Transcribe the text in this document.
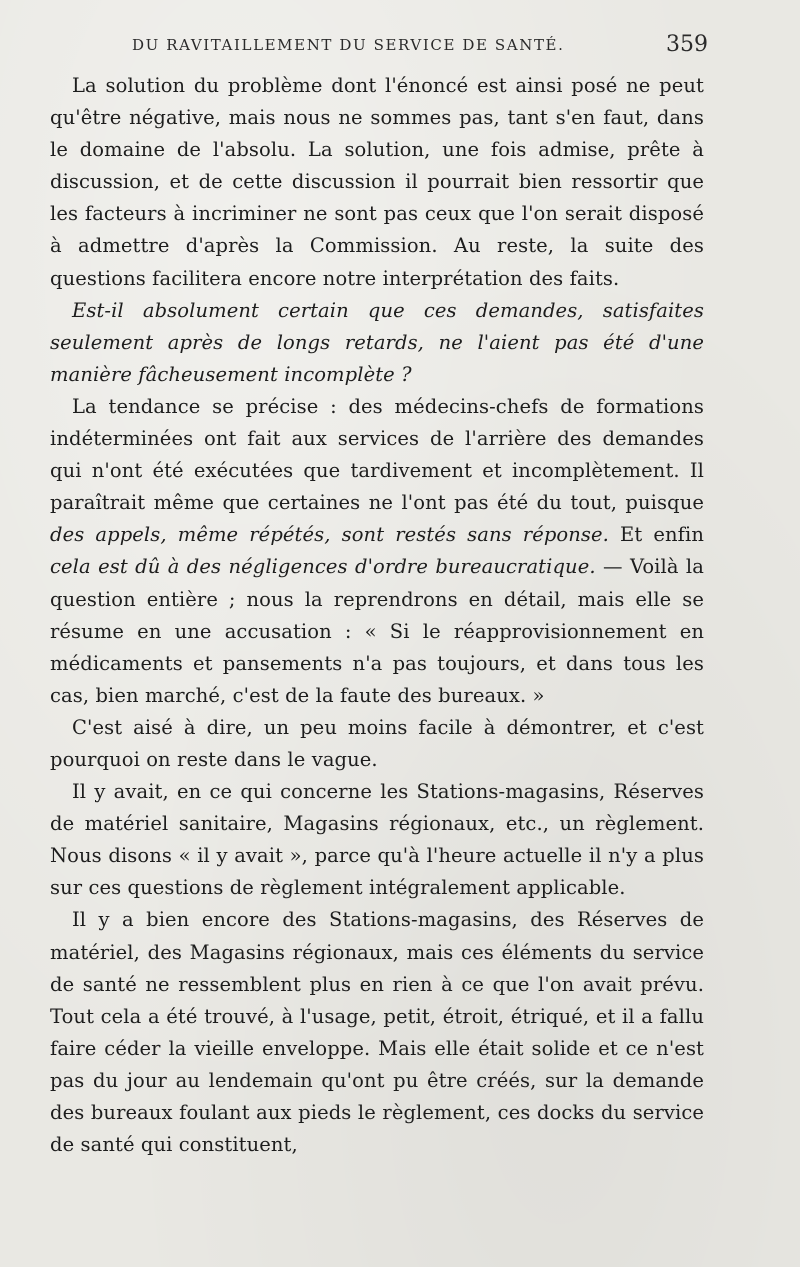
DU RAVITAILLEMENT DU SERVICE DE SANTÉ.	359

La solution du problème dont l'énoncé est ainsi posé ne peut qu'être négative, mais nous ne sommes pas, tant s'en faut, dans le domaine de l'absolu. La solution, une fois admise, prête à discussion, et de cette discussion il pourrait bien ressortir que les facteurs à incriminer ne sont pas ceux que l'on serait disposé à admettre d'après la Commission. Au reste, la suite des questions facilitera encore notre interprétation des faits.

Est-il absolument certain que ces demandes, satisfaites seulement après de longs retards, ne l'aient pas été d'une manière fâcheusement incomplète ?

La tendance se précise : des médecins-chefs de formations indéterminées ont fait aux services de l'arrière des demandes qui n'ont été exécutées que tardivement et incomplètement. Il paraîtrait même que certaines ne l'ont pas été du tout, puisque des appels, même répétés, sont restés sans réponse. Et enfin cela est dû à des négligences d'ordre bureaucratique. — Voilà la question entière ; nous la reprendrons en détail, mais elle se résume en une accusation : « Si le réapprovisionnement en médicaments et pansements n'a pas toujours, et dans tous les cas, bien marché, c'est de la faute des bureaux. »

C'est aisé à dire, un peu moins facile à démontrer, et c'est pourquoi on reste dans le vague.

Il y avait, en ce qui concerne les Stations-magasins, Réserves de matériel sanitaire, Magasins régionaux, etc., un règlement. Nous disons « il y avait », parce qu'à l'heure actuelle il n'y a plus sur ces questions de règlement intégralement applicable.

Il y a bien encore des Stations-magasins, des Réserves de matériel, des Magasins régionaux, mais ces éléments du service de santé ne ressemblent plus en rien à ce que l'on avait prévu. Tout cela a été trouvé, à l'usage, petit, étroit, étriqué, et il a fallu faire céder la vieille enveloppe. Mais elle était solide et ce n'est pas du jour au lendemain qu'ont pu être créés, sur la demande des bureaux foulant aux pieds le règlement, ces docks du service de santé qui constituent,
